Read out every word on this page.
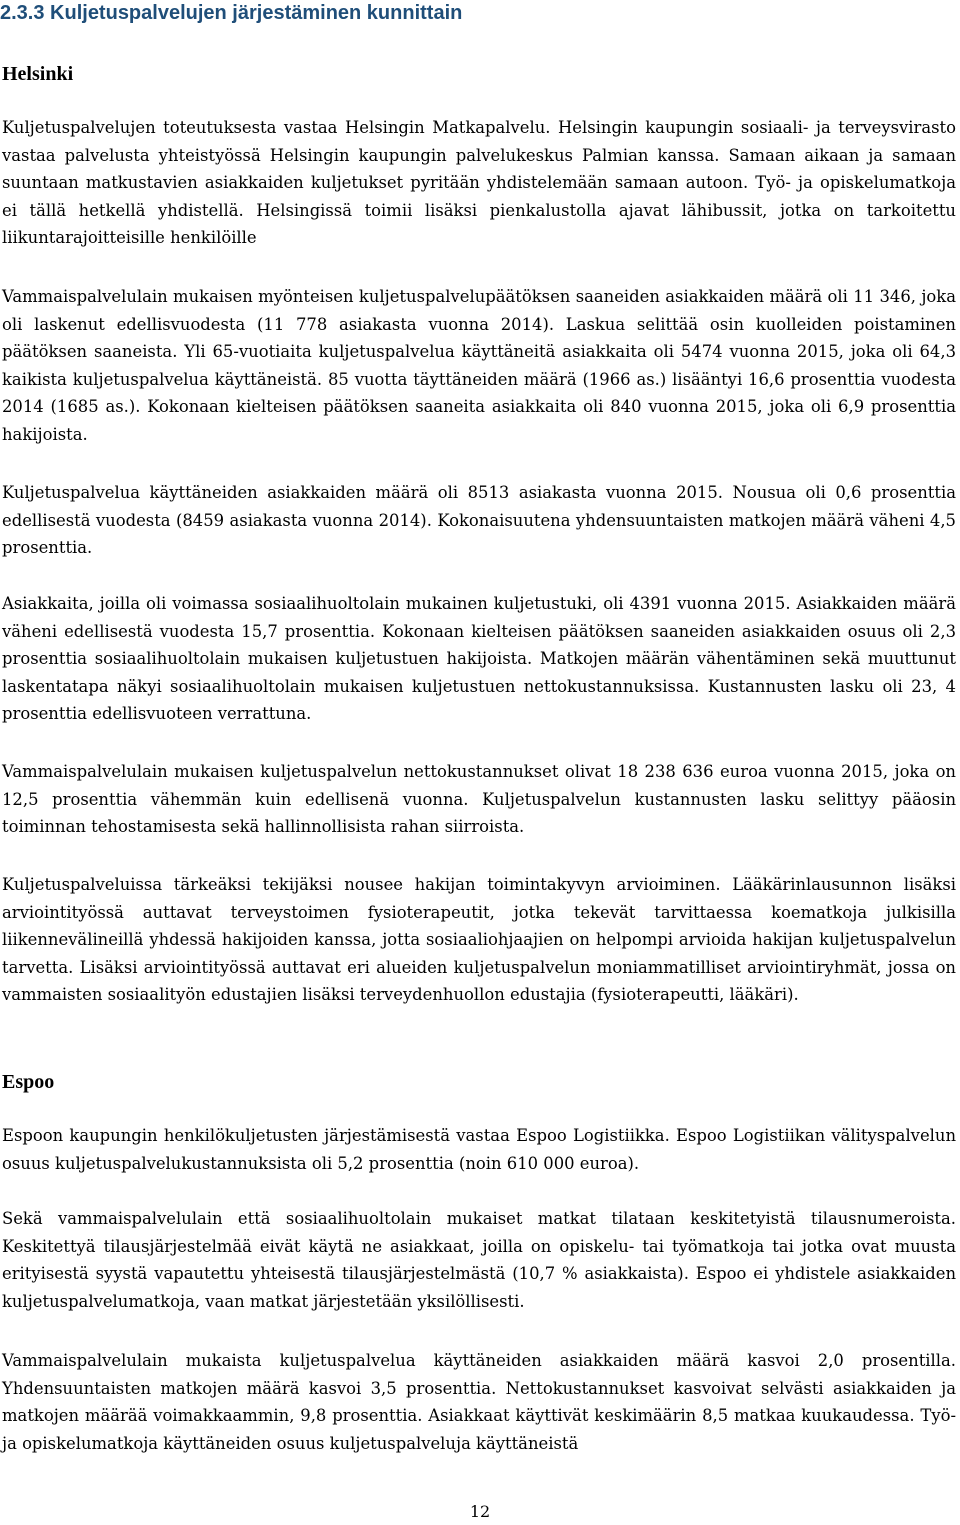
2.3.3 Kuljetuspalvelujen järjestäminen kunnittain
Helsinki

Kuljetuspalvelujen toteutuksesta vastaa Helsingin Matkapalvelu. Helsingin kaupungin sosiaali- ja terveysvirasto vastaa palvelusta yhteistyössä Helsingin kaupungin palvelukeskus Palmian kanssa. Samaan aikaan ja samaan suuntaan matkustavien asiakkaiden kuljetukset pyritään yhdistelemään samaan autoon. Työ- ja opiskelumatkoja ei tällä hetkellä yhdistellä. Helsingissä toimii lisäksi pienkalustolla ajavat lähibussit, jotka on tarkoitettu liikuntarajoitteisille henkilöille

Vammaispalvelulain mukaisen myönteisen kuljetuspalvelupäätöksen saaneiden asiakkaiden määrä oli 11 346, joka oli laskenut edellisvuodesta (11 778 asiakasta vuonna 2014). Laskua selittää osin kuolleiden poistaminen päätöksen saaneista. Yli 65-vuotiaita kuljetuspalvelua käyttäneitä asiakkaita oli 5474 vuonna 2015, joka oli 64,3 kaikista kuljetuspalvelua käyttäneistä. 85 vuotta täyttäneiden määrä (1966 as.) lisääntyi 16,6 prosenttia vuodesta 2014 (1685 as.). Kokonaan kielteisen päätöksen saaneita asiakkaita oli 840 vuonna 2015, joka oli 6,9 prosenttia hakijoista.

Kuljetuspalvelua käyttäneiden asiakkaiden määrä oli 8513 asiakasta vuonna 2015. Nousua oli 0,6 prosenttia edellisestä vuodesta (8459 asiakasta vuonna 2014). Kokonaisuutena yhdensuuntaisten matkojen määrä väheni 4,5 prosenttia.

Asiakkaita, joilla oli voimassa sosiaalihuoltolain mukainen kuljetustuki, oli 4391 vuonna 2015. Asiakkaiden määrä väheni edellisestä vuodesta 15,7 prosenttia. Kokonaan kielteisen päätöksen saaneiden asiakkaiden osuus oli 2,3 prosenttia sosiaalihuoltolain mukaisen kuljetustuen hakijoista. Matkojen määrän vähentäminen sekä muuttunut laskentatapa näkyi sosiaalihuoltolain mukaisen kuljetustuen nettokustannuksissa. Kustannusten lasku oli 23, 4 prosenttia edellisvuoteen verrattuna.

Vammaispalvelulain mukaisen kuljetuspalvelun nettokustannukset olivat 18 238 636 euroa vuonna 2015, joka on 12,5 prosenttia vähemmän kuin edellisenä vuonna. Kuljetuspalvelun kustannusten lasku selittyy pääosin toiminnan tehostamisesta sekä hallinnollisista rahan siirroista.

Kuljetuspalveluissa tärkeäksi tekijäksi nousee hakijan toimintakyvyn arvioiminen. Lääkärinlausunnon lisäksi arviointityössä auttavat terveystoimen fysioterapeutit, jotka tekevät tarvittaessa koematkoja julkisilla liikennevälineillä yhdessä hakijoiden kanssa, jotta sosiaaliohjaajien on helpompi arvioida hakijan kuljetuspalvelun tarvetta. Lisäksi arviointityössä auttavat eri alueiden kuljetuspalvelun moniammatilliset arviointiryhmät, jossa on vammaisten sosiaalityön edustajien lisäksi terveydenhuollon edustajia (fysioterapeutti, lääkäri).

Espoo

Espoon kaupungin henkilökuljetusten järjestämisestä vastaa Espoo Logistiikka. Espoo Logistiikan välityspalvelun osuus kuljetuspalvelukustannuksista oli 5,2 prosenttia (noin 610 000 euroa).

Sekä vammaispalvelulain että sosiaalihuoltolain mukaiset matkat tilataan keskitetyistä tilausnumeroista. Keskitettyä tilausjärjestelmää eivät käytä ne asiakkaat, joilla on opiskelu- tai työmatkoja tai jotka ovat muusta erityisestä syystä vapautettu yhteisestä tilausjärjestelmästä (10,7 % asiakkaista). Espoo ei yhdistele asiakkaiden kuljetuspalvelumatkoja, vaan matkat järjestetään yksilöllisesti.

Vammaispalvelulain mukaista kuljetuspalvelua käyttäneiden asiakkaiden määrä kasvoi 2,0 prosentilla. Yhdensuuntaisten matkojen määrä kasvoi 3,5 prosenttia. Nettokustannukset kasvoivat selvästi asiakkaiden ja matkojen määrää voimakkaammin, 9,8 prosenttia. Asiakkaat käyttivät keskimäärin 8,5 matkaa kuukaudessa. Työ- ja opiskelumatkoja käyttäneiden osuus kuljetuspalveluja käyttäneistä

12
